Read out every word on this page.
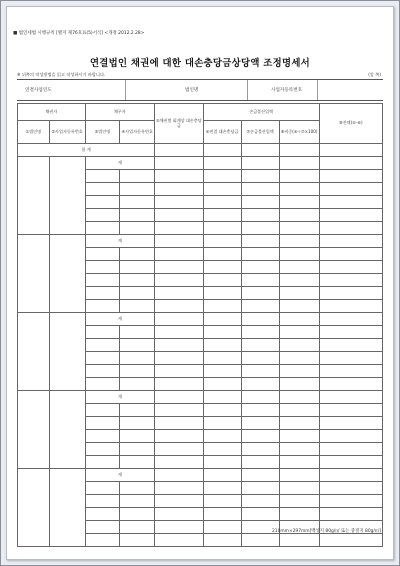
■ 법인세법 시행규칙 [별지 제76호표(5)서식] <개정 2012.2.28>
연결법인 채권에 대한 대손충당금상당액 조정명세서
※ 뒤쪽의 작성방법을 읽고 작성하시기 바랍니다.	(앞 쪽)
연결사업연도	법인명	사업자등록번호
채권자		채무자		⑤채권별 회계상 대손충당금	손금불산입액			⑨잔액(⑤-⑥)
①법인명	②사업자등록번호	③법인명	④사업자등록번호		⑥연결 대손충당금	⑦손금불산입액	⑧비중(⑥÷⑦×100)	
합 계								
		계						

		계						

		계						

		계						

		계						

210mm×297mm[백상지 80g/㎡ 또는 중질지 80g/㎡]
